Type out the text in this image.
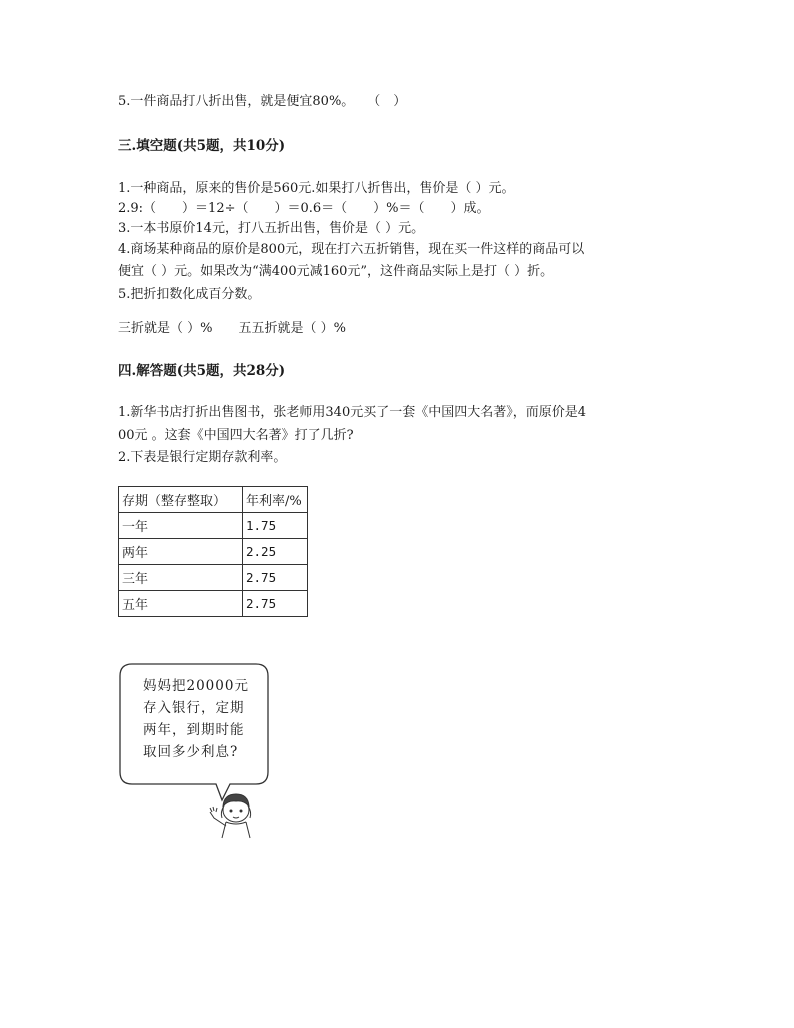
5.一件商品打八折出售，就是便宜80%。　　（　）
三.填空题(共5题，共10分)
1.一种商品，原来的售价是560元.如果打八折售出，售价是（ ）元。
2.9:（　　）＝12÷（　　）＝0.6＝（　　）%＝（　　）成。
3.一本书原价14元，打八五折出售，售价是（ ）元。
4.商场某种商品的原价是800元，现在打六五折销售，现在买一件这样的商品可以
便宜（ ）元。如果改为“满400元减160元”，这件商品实际上是打（ ）折。
5.把折扣数化成百分数。
三折就是（ ）%　　五五折就是（ ）%
四.解答题(共5题，共28分)
1.新华书店打折出售图书，张老师用340元买了一套《中国四大名著》，而原价是4
00元 。这套《中国四大名著》打了几折?
2.下表是银行定期存款利率。
存期（整存整取）	年利率/%
一年	1.75
两年	2.25
三年	2.75
五年	2.75
妈妈把20000元存入银行，定期两年，到期时能取回多少利息?
